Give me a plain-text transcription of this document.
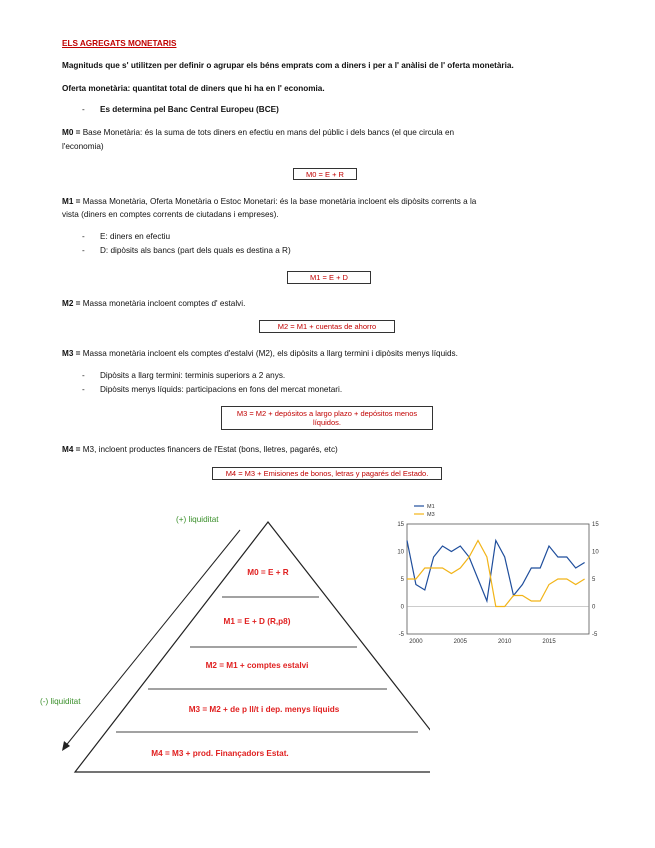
ELS AGREGATS MONETARIS
Magnituds que s' utilitzen per definir o agrupar els béns emprats com a diners i per a l' anàlisi de l' oferta monetària.
Oferta monetària: quantitat total de diners que hi ha en l' economia.
- Es determina pel Banc Central Europeu (BCE)
M0 = Base Monetària: és la suma de tots diners en efectiu en mans del públic i dels bancs (el que circula en
l'economia)
M0 = E + R
M1 = Massa Monetària, Oferta Monetària o Estoc Monetari: és la base monetària incloent els dipòsits corrents a la
vista (diners en comptes corrents de ciutadans i empreses).
- E: diners en efectiu
- D: dipòsits als bancs (part dels quals es destina a R)
M1 = E + D
M2 = Massa monetària incloent comptes d' estalvi.
M2 = M1 + cuentas de ahorro
M3 = Massa monetària incloent els comptes d'estalvi (M2), els dipòsits a llarg termini i dipòsits menys líquids.
- Dipòsits a llarg termini: terminis superiors a 2 anys.
- Dipòsits menys líquids: participacions en fons del mercat monetari.
M3 = M2 + depósitos a largo plazo + depósitos menos
líquidos.
M4 = M3, incloent productes financers de l'Estat (bons, lletres, pagarés, etc)
M4 = M3 + Emisiones de bonos, letras y pagarés del Estado.
(+) liquiditat
(-) liquiditat
M0 = E + R
M1 = E + D (R,p8)
M2 = M1 + comptes estalvi
M3 = M2 + de p ll/t i dep. menys líquids
M4 = M3 + prod. Finançadors Estat.
M1
M3
-5	-5
0	0
5	5
10	10
15	15
2000	2005	2010	2015
